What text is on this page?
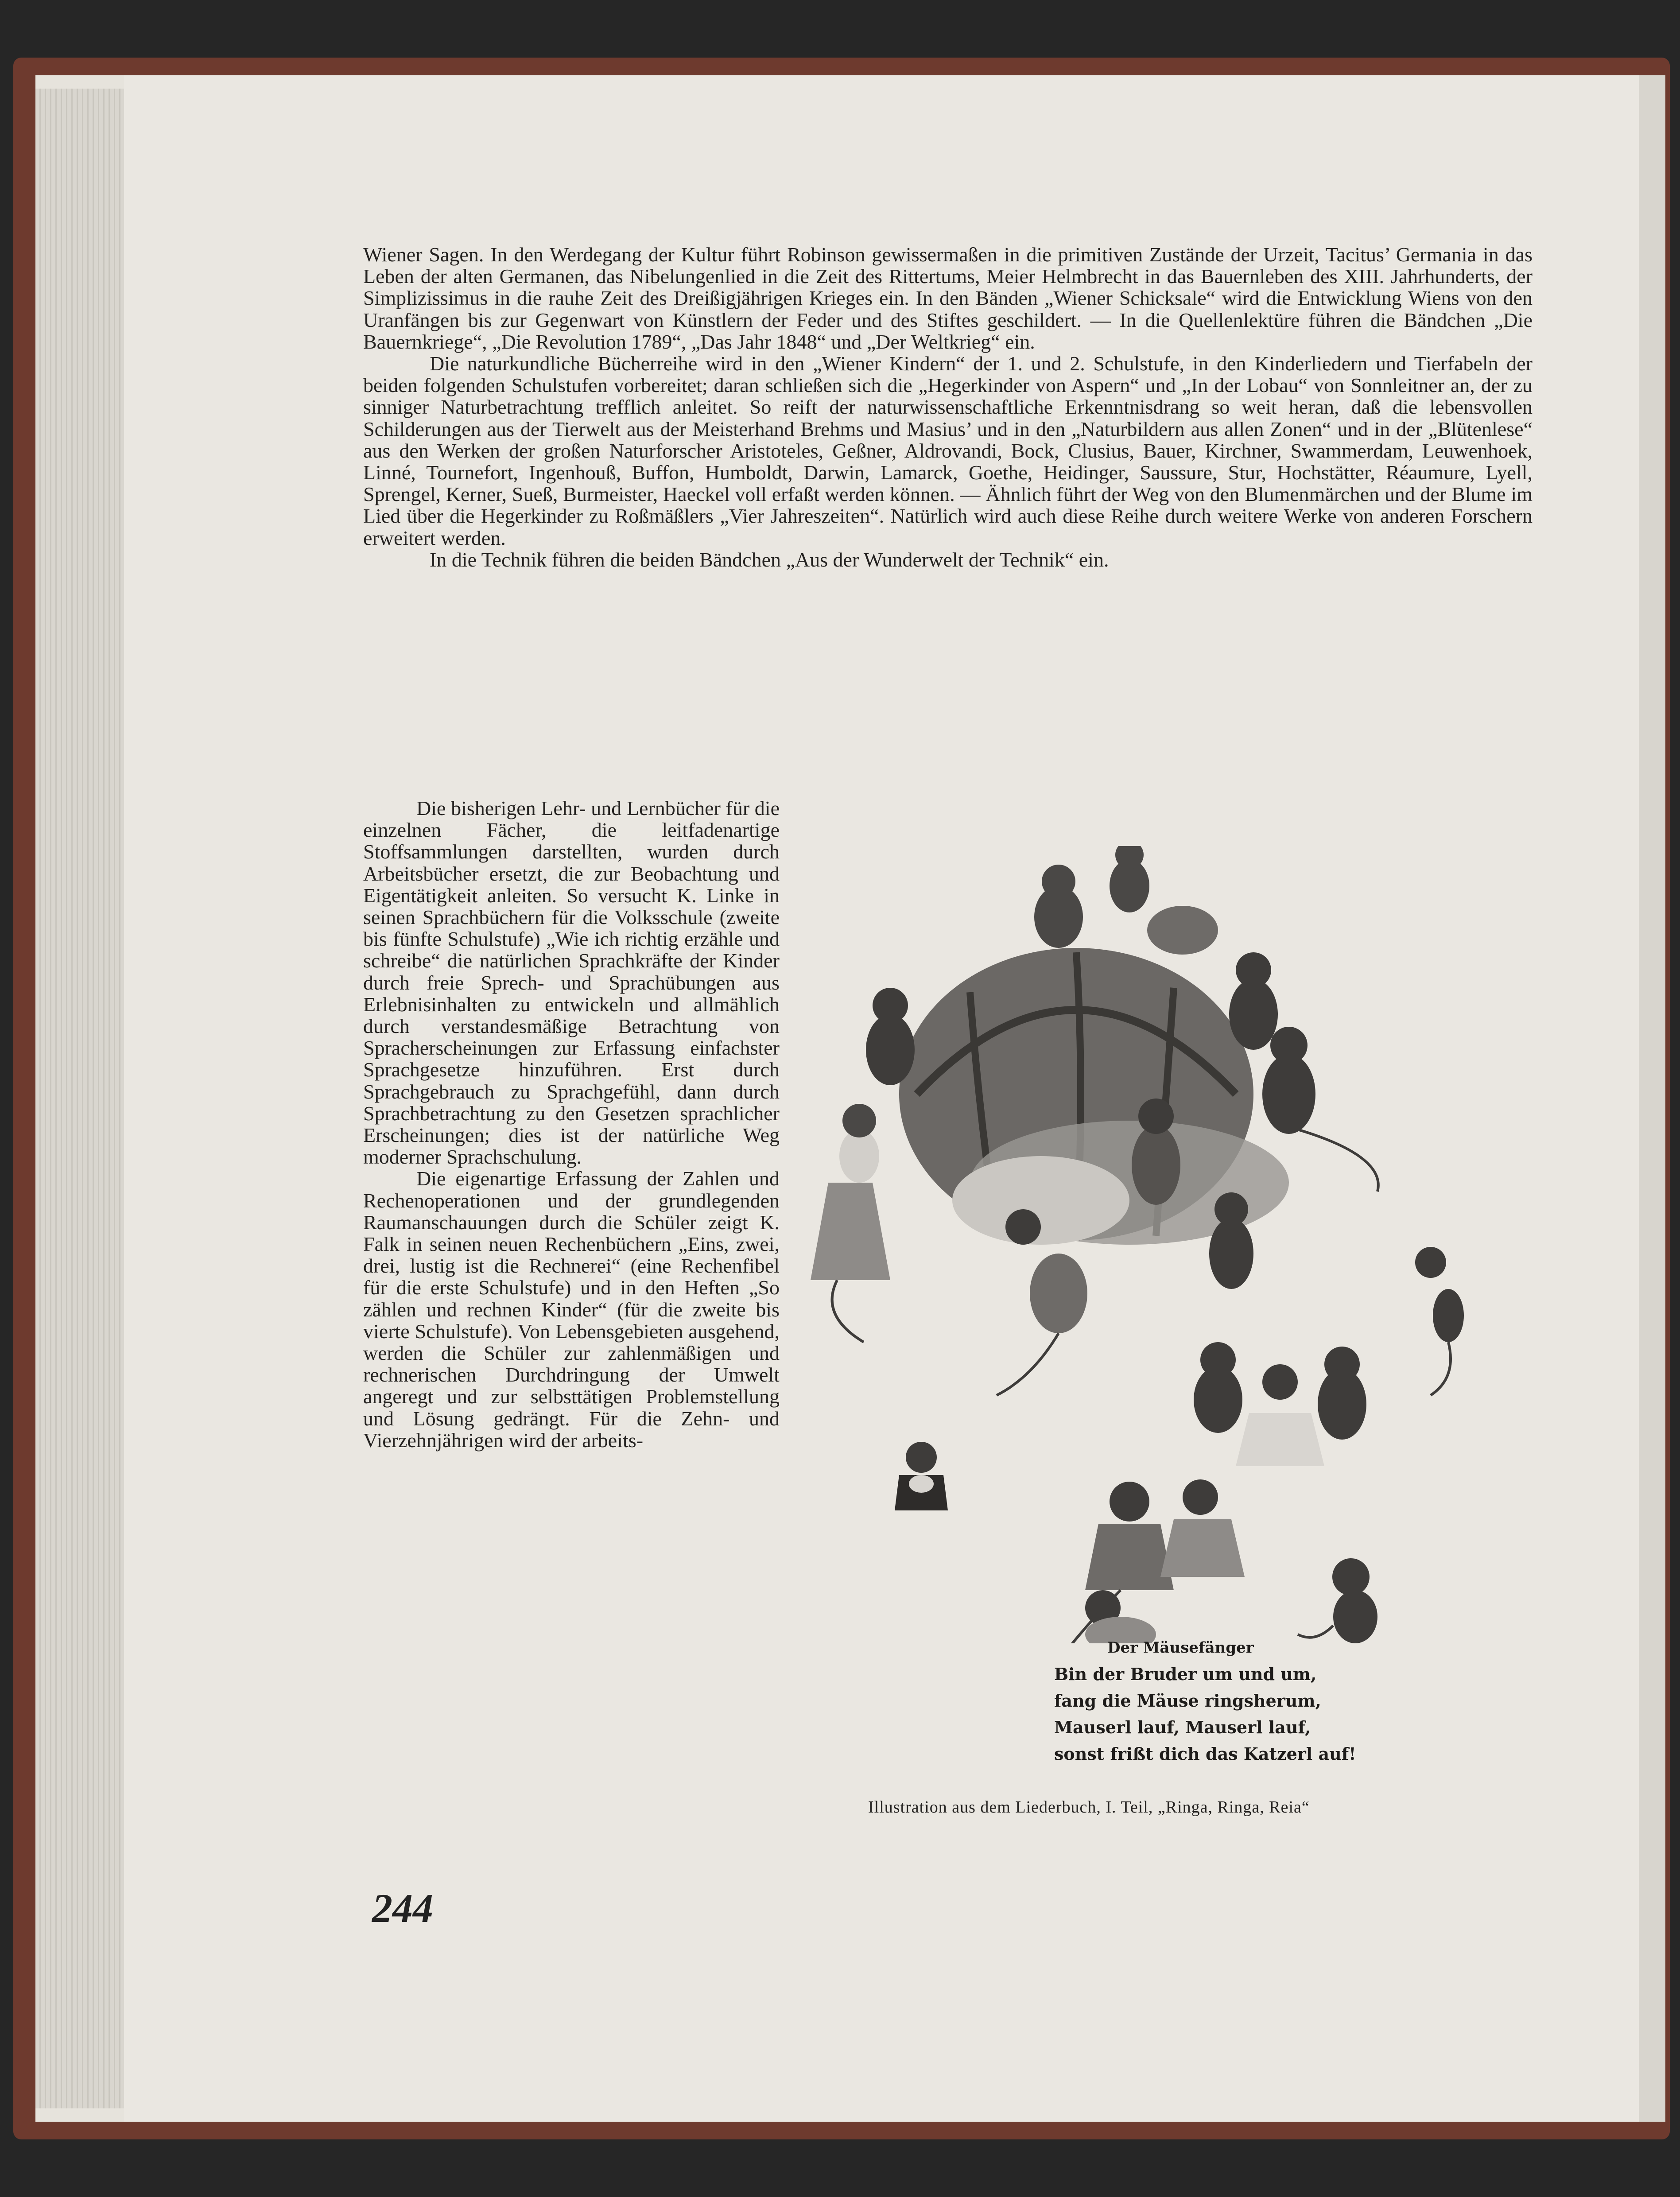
Wiener Sagen. In den Werdegang der Kultur führt Robinson gewissermaßen in die primitiven Zustände der Urzeit, Tacitus’ Germania in das Leben der alten Germanen, das Nibelungenlied in die Zeit des Rittertums, Meier Helmbrecht in das Bauernleben des XIII. Jahrhunderts, der Simplizissimus in die rauhe Zeit des Dreißigjährigen Krieges ein. In den Bänden „Wiener Schicksale“ wird die Entwicklung Wiens von den Uranfängen bis zur Gegenwart von Künstlern der Feder und des Stiftes geschildert. — In die Quellenlektüre führen die Bändchen „Die Bauernkriege“, „Die Revolution 1789“, „Das Jahr 1848“ und „Der Weltkrieg“ ein.

Die naturkundliche Bücherreihe wird in den „Wiener Kindern“ der 1. und 2. Schulstufe, in den Kinderliedern und Tierfabeln der beiden folgenden Schulstufen vorbereitet; daran schließen sich die „Hegerkinder von Aspern“ und „In der Lobau“ von Sonnleitner an, der zu sinniger Naturbetrachtung trefflich anleitet. So reift der naturwissenschaftliche Erkenntnisdrang so weit heran, daß die lebensvollen Schilderungen aus der Tierwelt aus der Meisterhand Brehms und Masius’ und in den „Naturbildern aus allen Zonen“ und in der „Blütenlese“ aus den Werken der großen Naturforscher Aristoteles, Geßner, Aldrovandi, Bock, Clusius, Bauer, Kirchner, Swammerdam, Leuwenhoek, Linné, Tournefort, Ingenhouß, Buffon, Humboldt, Darwin, Lamarck, Goethe, Heidinger, Saussure, Stur, Hochstätter, Réaumure, Lyell, Sprengel, Kerner, Sueß, Burmeister, Haeckel voll erfaßt werden können. — Ähnlich führt der Weg von den Blumenmärchen und der Blume im Lied über die Hegerkinder zu Roßmäßlers „Vier Jahreszeiten“. Natürlich wird auch diese Reihe durch weitere Werke von anderen Forschern erweitert werden.

In die Technik führen die beiden Bändchen „Aus der Wunderwelt der Technik“ ein.

Die bisherigen Lehr- und Lernbücher für die einzelnen Fächer, die leitfadenartige Stoffsammlungen darstellten, wurden durch Arbeitsbücher ersetzt, die zur Beobachtung und Eigentätigkeit anleiten. So versucht K. Linke in seinen Sprachbüchern für die Volksschule (zweite bis fünfte Schulstufe) „Wie ich richtig erzähle und schreibe“ die natürlichen Sprachkräfte der Kinder durch freie Sprech- und Sprachübungen aus Erlebnisinhalten zu entwickeln und allmählich durch verstandesmäßige Betrachtung von Spracherscheinungen zur Erfassung einfachster Sprachgesetze hinzuführen. Erst durch Sprachgebrauch zu Sprachgefühl, dann durch Sprachbetrachtung zu den Gesetzen sprachlicher Erscheinungen; dies ist der natürliche Weg moderner Sprachschulung.

Die eigenartige Erfassung der Zahlen und Rechenoperationen und der grundlegenden Raumanschauungen durch die Schüler zeigt K. Falk in seinen neuen Rechenbüchern „Eins, zwei, drei, lustig ist die Rechnerei“ (eine Rechenfibel für die erste Schulstufe) und in den Heften „So zählen und rechnen Kinder“ (für die zweite bis vierte Schulstufe). Von Lebensgebieten ausgehend, werden die Schüler zur zahlenmäßigen und rechnerischen Durchdringung der Umwelt angeregt und zur selbsttätigen Problemstellung und Lösung gedrängt. Für die Zehn- und Vierzehnjährigen wird der arbeits-

Der Mäusefänger
Bin der Bruder um und um,
fang die Mäuse ringsherum,
Mauserl lauf, Mauserl lauf,
sonst frißt dich das Katzerl auf!
Illustration aus dem Liederbuch, I. Teil, „Ringa, Ringa, Reia“
244
